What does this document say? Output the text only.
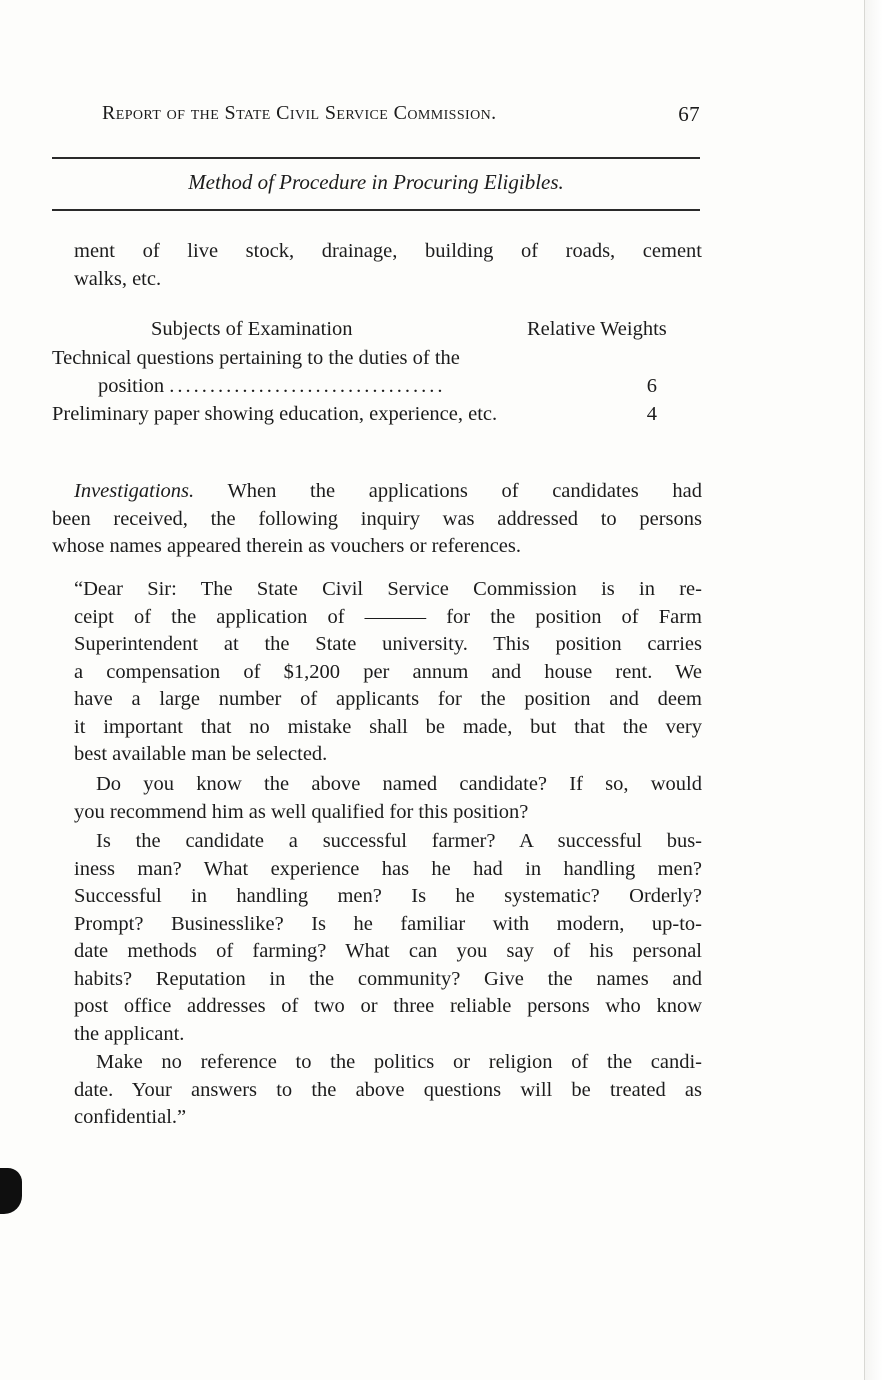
Report of the State Civil Service Commission.	67
Method of Procedure in Procuring Eligibles.
ment of live stock, drainage, building of roads, cement
walks, etc.
Subjects of Examination	Relative Weights
Technical questions pertaining to the duties of the
position ..................................	6
Preliminary paper showing education, experience, etc.	4
Investigations. When the applications of candidates had
been received, the following inquiry was addressed to persons
whose names appeared therein as vouchers or references.
“Dear Sir: The State Civil Service Commission is in re-
ceipt of the application of ——— for the position of Farm
Superintendent at the State university. This position carries
a compensation of $1,200 per annum and house rent. We
have a large number of applicants for the position and deem
it important that no mistake shall be made, but that the very
best available man be selected.
Do you know the above named candidate? If so, would
you recommend him as well qualified for this position?
Is the candidate a successful farmer? A successful bus-
iness man? What experience has he had in handling men?
Successful in handling men? Is he systematic? Orderly?
Prompt? Businesslike? Is he familiar with modern, up-to-
date methods of farming? What can you say of his personal
habits? Reputation in the community? Give the names and
post office addresses of two or three reliable persons who know
the applicant.
Make no reference to the politics or religion of the candi-
date. Your answers to the above questions will be treated as
confidential.”
